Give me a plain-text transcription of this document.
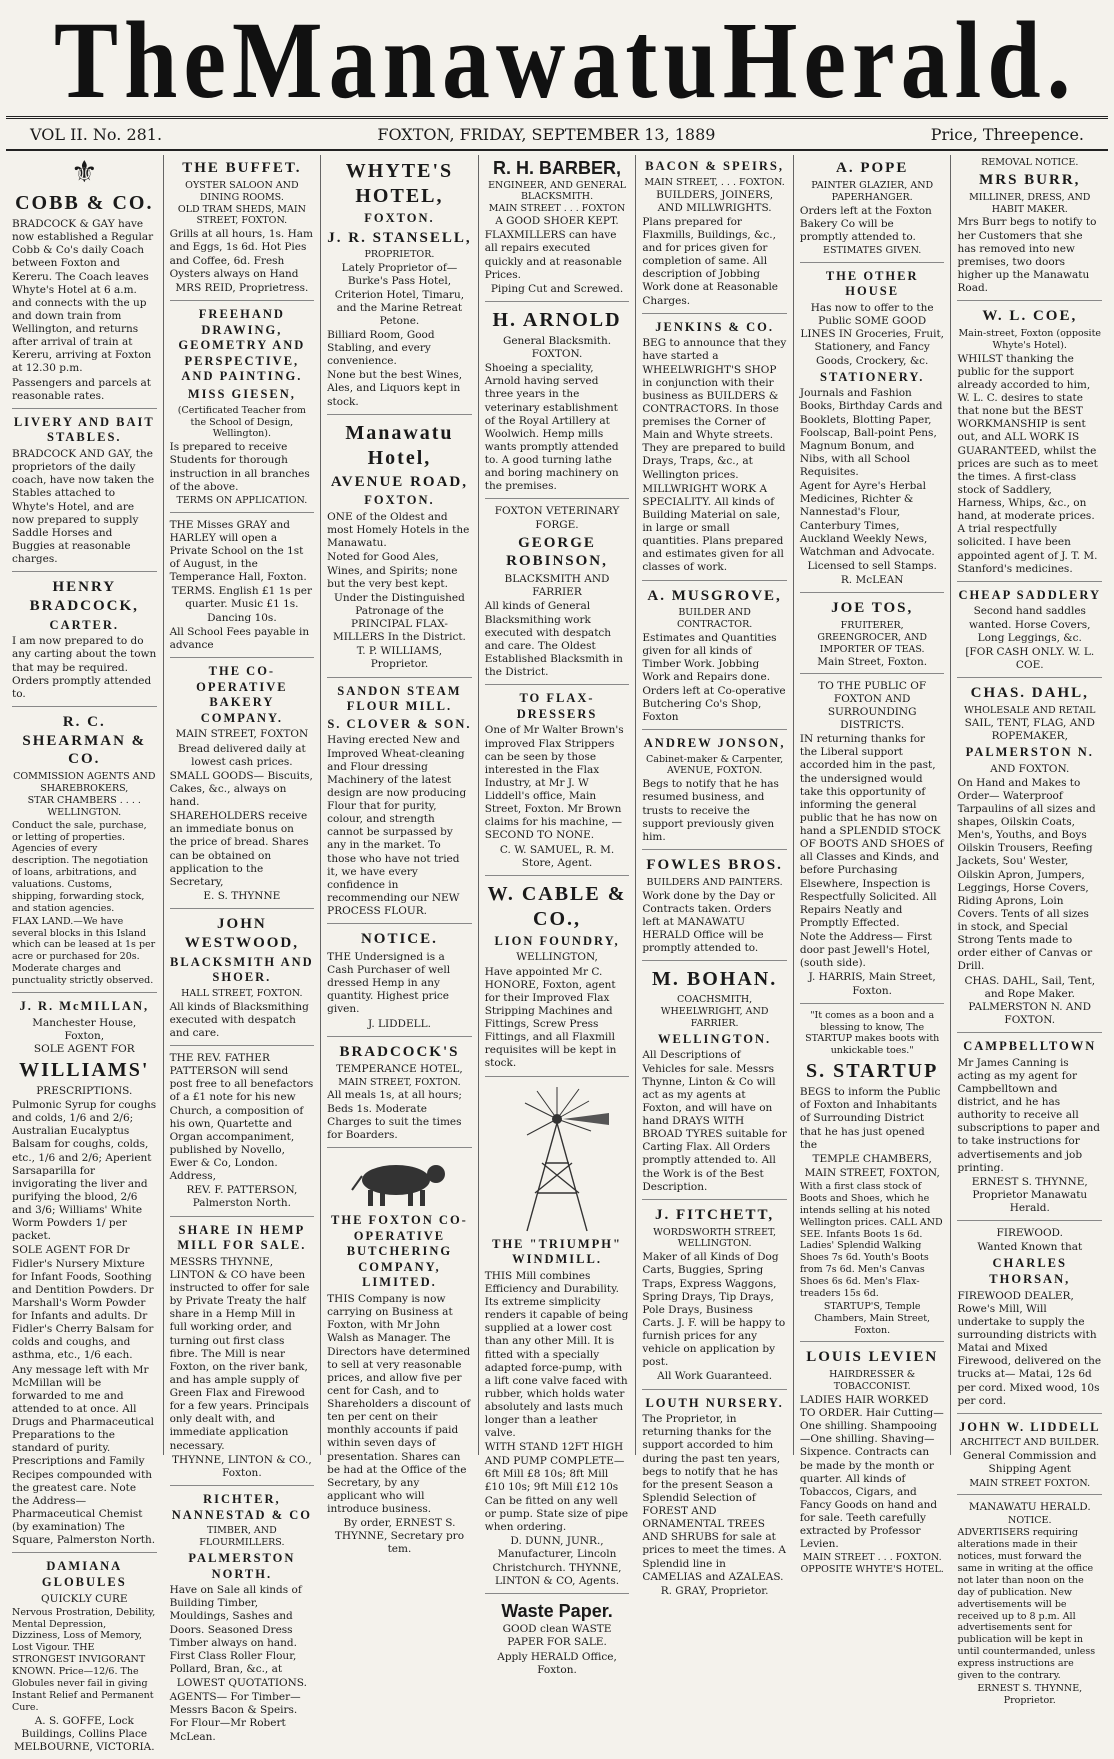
The Manawatu Herald.
VOL II. No. 281.	FOXTON, FRIDAY, SEPTEMBER 13, 1889	Price, Threepence.
⚜
COBB & CO.

BRADCOCK & GAY have now established a Regular Cobb & Co's daily Coach between Foxton and Kereru. The Coach leaves Whyte's Hotel at 6 a.m. and connects with the up and down train from Wellington, and returns after arrival of train at Kereru, arriving at Foxton at 12.30 p.m.

Passengers and parcels at reasonable rates.

LIVERY AND BAIT STABLES.

BRADCOCK AND GAY, the proprietors of the daily coach, have now taken the Stables attached to Whyte's Hotel, and are now prepared to supply Saddle Horses and Buggies at reasonable charges.

HENRY BRADCOCK,
CARTER.

I am now prepared to do any carting about the town that may be required. Orders promptly attended to.

R. C. SHEARMAN & CO.
COMMISSION AGENTS AND SHAREBROKERS,
STAR CHAMBERS . . . . WELLINGTON.

Conduct the sale, purchase, or letting of properties. Agencies of every description. The negotiation of loans, arbitrations, and valuations. Customs, shipping, forwarding stock, and station agencies.

FLAX LAND.—We have several blocks in this Island which can be leased at 1s per acre or purchased for 20s. Moderate charges and punctuality strictly observed.

J. R. McMILLAN,
Manchester House, Foxton,
SOLE AGENT FOR
WILLIAMS'
PRESCRIPTIONS.

Pulmonic Syrup for coughs and colds, 1/6 and 2/6; Australian Eucalyptus Balsam for coughs, colds, etc., 1/6 and 2/6; Aperient Sarsaparilla for invigorating the liver and purifying the blood, 2/6 and 3/6; Williams' White Worm Powders 1/ per packet.

SOLE AGENT FOR Dr Fidler's Nursery Mixture for Infant Foods, Soothing and Dentition Powders. Dr Marshall's Worm Powder for Infants and adults. Dr Fidler's Cherry Balsam for colds and coughs, and asthma, etc., 1/6 each.

Any message left with Mr McMillan will be forwarded to me and attended to at once. All Drugs and Pharmaceutical Preparations to the standard of purity. Prescriptions and Family Recipes compounded with the greatest care. Note the Address— Pharmaceutical Chemist (by examination) The Square, Palmerston North.

DAMIANA GLOBULES
QUICKLY CURE

Nervous Prostration, Debility, Mental Depression, Dizziness, Loss of Memory, Lost Vigour. THE STRONGEST INVIGORANT KNOWN. Price—12/6. The Globules never fail in giving Instant Relief and Permanent Cure.

A. S. GOFFE, Lock Buildings, Collins Place MELBOURNE, VICTORIA.

THE BUFFET.
OYSTER SALOON AND DINING ROOMS.
OLD TRAM SHEDS, MAIN STREET, FOXTON.

Grills at all hours, 1s. Ham and Eggs, 1s 6d. Hot Pies and Coffee, 6d. Fresh Oysters always on Hand

MRS REID, Proprietress.

FREEHAND DRAWING, GEOMETRY AND PERSPECTIVE, AND PAINTING.
MISS GIESEN,
(Certificated Teacher from the School of Design, Wellington).

Is prepared to receive Students for thorough instruction in all branches of the above.

TERMS ON APPLICATION.

THE Misses GRAY and HARLEY will open a Private School on the 1st of August, in the Temperance Hall, Foxton.

TERMS. English £1 1s per quarter. Music £1 1s. Dancing 10s.

All School Fees payable in advance

THE CO-OPERATIVE BAKERY COMPANY.
MAIN STREET, FOXTON

Bread delivered daily at lowest cash prices.

SMALL GOODS— Biscuits, Cakes, &c., always on hand.

SHAREHOLDERS receive an immediate bonus on the price of bread. Shares can be obtained on application to the Secretary,

E. S. THYNNE

JOHN WESTWOOD,
BLACKSMITH AND SHOER.
HALL STREET, FOXTON.

All kinds of Blacksmithing executed with despatch and care.

THE REV. FATHER PATTERSON will send post free to all benefactors of a £1 note for his new Church, a composition of his own, Quartette and Organ accompaniment, published by Novello, Ewer & Co, London. Address,

REV. F. PATTERSON, Palmerston North.

SHARE IN HEMP MILL FOR SALE.

MESSRS THYNNE, LINTON & CO have been instructed to offer for sale by Private Treaty the half share in a Hemp Mill in full working order, and turning out first class fibre. The Mill is near Foxton, on the river bank, and has ample supply of Green Flax and Firewood for a few years. Principals only dealt with, and immediate application necessary.

THYNNE, LINTON & CO., Foxton.

RICHTER, NANNESTAD & CO
TIMBER, AND FLOURMILLERS.
PALMERSTON NORTH.

Have on Sale all kinds of Building Timber, Mouldings, Sashes and Doors. Seasoned Dress Timber always on hand. First Class Roller Flour, Pollard, Bran, &c., at

LOWEST QUOTATIONS.

AGENTS— For Timber—Messrs Bacon & Speirs. For Flour—Mr Robert McLean.

WHYTE'S HOTEL,
FOXTON.
J. R. STANSELL,
PROPRIETOR.

Lately Proprietor of— Burke's Pass Hotel, Criterion Hotel, Timaru, and the Marine Retreat Petone.

Billiard Room, Good Stabling, and every convenience.

None but the best Wines, Ales, and Liquors kept in stock.

Manawatu Hotel,
AVENUE ROAD,
FOXTON.

ONE of the Oldest and most Homely Hotels in the Manawatu.

Noted for Good Ales, Wines, and Spirits; none but the very best kept.

Under the Distinguished Patronage of the PRINCIPAL FLAX-MILLERS In the District.

T. P. WILLIAMS, Proprietor.

SANDON STEAM FLOUR MILL.
S. CLOVER & SON.

Having erected New and Improved Wheat-cleaning and Flour dressing Machinery of the latest design are now producing Flour that for purity, colour, and strength cannot be surpassed by any in the market. To those who have not tried it, we have every confidence in recommending our NEW PROCESS FLOUR.

NOTICE.

THE Undersigned is a Cash Purchaser of well dressed Hemp in any quantity. Highest price given.

J. LIDDELL.

BRADCOCK'S
TEMPERANCE HOTEL,
MAIN STREET, FOXTON.

All meals 1s, at all hours; Beds 1s. Moderate Charges to suit the times for Boarders.

THE FOXTON CO-OPERATIVE BUTCHERING COMPANY, LIMITED.

THIS Company is now carrying on Business at Foxton, with Mr John Walsh as Manager. The Directors have determined to sell at very reasonable prices, and allow five per cent for Cash, and to Shareholders a discount of ten per cent on their monthly accounts if paid within seven days of presentation. Shares can be had at the Office of the Secretary, by any applicant who will introduce business.

By order, ERNEST S. THYNNE, Secretary pro tem.

R. H. BARBER,
ENGINEER, AND GENERAL BLACKSMITH.
MAIN STREET . . . FOXTON
A GOOD SHOER KEPT.

FLAXMILLERS can have all repairs executed quickly and at reasonable Prices.

Piping Cut and Screwed.

H. ARNOLD
General Blacksmith.
FOXTON.

Shoeing a speciality, Arnold having served three years in the veterinary establishment of the Royal Artillery at Woolwich. Hemp mills wants promptly attended to. A good turning lathe and boring machinery on the premises.

FOXTON VETERINARY FORGE.
GEORGE ROBINSON,
BLACKSMITH AND FARRIER

All kinds of General Blacksmithing work executed with despatch and care. The Oldest Established Blacksmith in the District.

TO FLAX-DRESSERS

One of Mr Walter Brown's improved Flax Strippers can be seen by those interested in the Flax Industry, at Mr J. W Liddell's office, Main Street, Foxton. Mr Brown claims for his machine, —SECOND TO NONE.

C. W. SAMUEL, R. M. Store, Agent.

W. CABLE & CO.,
LION FOUNDRY,
WELLINGTON,

Have appointed Mr C. HONORE, Foxton, agent for their Improved Flax Stripping Machines and Fittings, Screw Press Fittings, and all Flaxmill requisites will be kept in stock.

THE "TRIUMPH" WINDMILL.

THIS Mill combines Efficiency and Durability. Its extreme simplicity renders it capable of being supplied at a lower cost than any other Mill. It is fitted with a specially adapted force-pump, with a lift cone valve faced with rubber, which holds water absolutely and lasts much longer than a leather valve.

WITH STAND 12FT HIGH AND PUMP COMPLETE— 6ft Mill £8 10s; 8ft Mill £10 10s; 9ft Mill £12 10s

Can be fitted on any well or pump. State size of pipe when ordering.

D. DUNN, JUNR., Manufacturer, Lincoln Christchurch. THYNNE, LINTON & CO, Agents.

Waste Paper.

GOOD clean WASTE PAPER FOR SALE.

Apply HERALD Office, Foxton.

BACON & SPEIRS,
MAIN STREET, . . . FOXTON.
BUILDERS, JOINERS, AND MILLWRIGHTS.

Plans prepared for Flaxmills, Buildings, &c., and for prices given for completion of same. All description of Jobbing Work done at Reasonable Charges.

JENKINS & CO.

BEG to announce that they have started a WHEELWRIGHT'S SHOP in conjunction with their business as BUILDERS & CONTRACTORS. In those premises the Corner of Main and Whyte streets. They are prepared to build Drays, Traps, &c., at Wellington prices.

MILLWRIGHT WORK A SPECIALITY. All kinds of Building Material on sale, in large or small quantities. Plans prepared and estimates given for all classes of work.

A. MUSGROVE,
BUILDER AND CONTRACTOR.

Estimates and Quantities given for all kinds of Timber Work. Jobbing Work and Repairs done. Orders left at Co-operative Butchering Co's Shop, Foxton

ANDREW JONSON,
Cabinet-maker & Carpenter, AVENUE, FOXTON.

Begs to notify that he has resumed business, and trusts to receive the support previously given him.

FOWLES BROS.
BUILDERS AND PAINTERS.

Work done by the Day or Contracts taken. Orders left at MANAWATU HERALD Office will be promptly attended to.

M. BOHAN.
COACHSMITH, WHEELWRIGHT, AND FARRIER.
WELLINGTON.

All Descriptions of Vehicles for sale. Messrs Thynne, Linton & Co will act as my agents at Foxton, and will have on hand DRAYS WITH BROAD TYRES suitable for Carting Flax. All Orders promptly attended to. All the Work is of the Best Description.

J. FITCHETT,
WORDSWORTH STREET, WELLINGTON.

Maker of all Kinds of Dog Carts, Buggies, Spring Traps, Express Waggons, Spring Drays, Tip Drays, Pole Drays, Business Carts. J. F. will be happy to furnish prices for any vehicle on application by post.

All Work Guaranteed.

LOUTH NURSERY.

The Proprietor, in returning thanks for the support accorded to him during the past ten years, begs to notify that he has for the present Season a Splendid Selection of FOREST AND ORNAMENTAL TREES AND SHRUBS for sale at prices to meet the times. A Splendid line in CAMELIAS and AZALEAS.

R. GRAY, Proprietor.

A. POPE
PAINTER GLAZIER, AND PAPERHANGER.

Orders left at the Foxton Bakery Co will be promptly attended to.

ESTIMATES GIVEN.

THE OTHER HOUSE

Has now to offer to the Public SOME GOOD LINES IN Groceries, Fruit, Stationery, and Fancy Goods, Crockery, &c.

STATIONERY.

Journals and Fashion Books, Birthday Cards and Booklets, Blotting Paper, Foolscap, Ball-point Pens, Magnum Bonum, and Nibs, with all School Requisites.

Agent for Ayre's Herbal Medicines, Richter & Nannestad's Flour, Canterbury Times, Auckland Weekly News, Watchman and Advocate.

Licensed to sell Stamps.

R. McLEAN

JOE TOS,
FRUITERER, GREENGROCER, AND IMPORTER OF TEAS.
Main Street, Foxton.
TO THE PUBLIC OF FOXTON AND SURROUNDING DISTRICTS.

IN returning thanks for the Liberal support accorded him in the past, the undersigned would take this opportunity of informing the general public that he has now on hand a SPLENDID STOCK OF BOOTS AND SHOES of all Classes and Kinds, and before Purchasing Elsewhere, Inspection is Respectfully Solicited. All Repairs Neatly and Promptly Effected.

Note the Address— First door past Jewell's Hotel, (south side).

J. HARRIS, Main Street, Foxton.

"It comes as a boon and a blessing to know, The STARTUP makes boots with unkickable toes."

S. STARTUP

BEGS to inform the Public of Foxton and Inhabitants of Surrounding District that he has just opened the

TEMPLE CHAMBERS,

MAIN STREET, FOXTON,

With a first class stock of Boots and Shoes, which he intends selling at his noted Wellington prices. CALL AND SEE. Infants Boots 1s 6d. Ladies' Splendid Walking Shoes 7s 6d. Youth's Boots from 7s 6d. Men's Canvas Shoes 6s 6d. Men's Flax-treaders 15s 6d.

STARTUP'S, Temple Chambers, Main Street, Foxton.

LOUIS LEVIEN
HAIRDRESSER & TOBACCONIST.

LADIES HAIR WORKED TO ORDER. Hair Cutting—One shilling. Shampooing—One shilling. Shaving—Sixpence. Contracts can be made by the month or quarter. All kinds of Tobaccos, Cigars, and Fancy Goods on hand and for sale. Teeth carefully extracted by Professor Levien.

MAIN STREET . . . FOXTON. OPPOSITE WHYTE'S HOTEL.

REMOVAL NOTICE.
MRS BURR,
MILLINER, DRESS, AND HABIT MAKER.

Mrs Burr begs to notify to her Customers that she has removed into new premises, two doors higher up the Manawatu Road.

W. L. COE,
Main-street, Foxton (opposite Whyte's Hotel).

WHILST thanking the public for the support already accorded to him, W. L. C. desires to state that none but the BEST WORKMANSHIP is sent out, and ALL WORK IS GUARANTEED, whilst the prices are such as to meet the times. A first-class stock of Saddlery, Harness, Whips, &c., on hand, at moderate prices. A trial respectfully solicited. I have been appointed agent of J. T. M. Stanford's medicines.

CHEAP SADDLERY

Second hand saddles wanted. Horse Covers, Long Leggings, &c.

[FOR CASH ONLY. W. L. COE.

CHAS. DAHL,
WHOLESALE AND RETAIL
SAIL, TENT, FLAG, AND ROPEMAKER,
PALMERSTON N.
AND FOXTON.

On Hand and Makes to Order— Waterproof Tarpaulins of all sizes and shapes, Oilskin Coats, Men's, Youths, and Boys Oilskin Trousers, Reefing Jackets, Sou' Wester, Oilskin Apron, Jumpers, Leggings, Horse Covers, Riding Aprons, Loin Covers. Tents of all sizes in stock, and Special Strong Tents made to order either of Canvas or Drill.

CHAS. DAHL, Sail, Tent, and Rope Maker. PALMERSTON N. AND FOXTON.

CAMPBELLTOWN

Mr James Canning is acting as my agent for Campbelltown and district, and he has authority to receive all subscriptions to paper and to take instructions for advertisements and job printing.

ERNEST S. THYNNE, Proprietor Manawatu Herald.

FIREWOOD.

Wanted Known that

CHARLES THORSAN,

FIREWOOD DEALER, Rowe's Mill, Will undertake to supply the surrounding districts with Matai and Mixed Firewood, delivered on the trucks at— Matai, 12s 6d per cord. Mixed wood, 10s per cord.

JOHN W. LIDDELL
ARCHITECT AND BUILDER.

General Commission and Shipping Agent

MAIN STREET FOXTON.

MANAWATU HERALD.
NOTICE.

ADVERTISERS requiring alterations made in their notices, must forward the same in writing at the office not later than noon on the day of publication. New advertisements will be received up to 8 p.m. All advertisements sent for publication will be kept in until countermanded, unless express instructions are given to the contrary.

ERNEST S. THYNNE, Proprietor.
